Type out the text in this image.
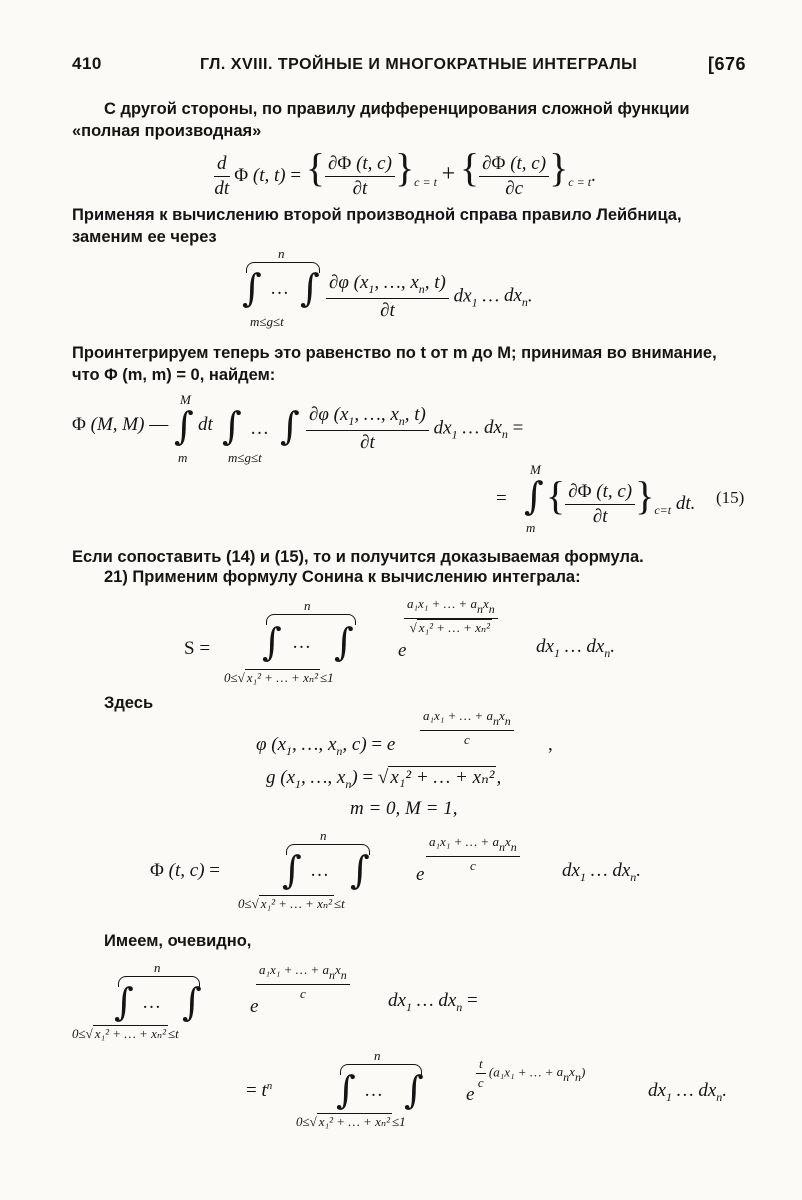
410	ГЛ. XVIII. ТРОЙНЫЕ И МНОГОКРАТНЫЕ ИНТЕГРАЛЫ	[676
С другой стороны, по правилу дифференцирования сложной функции
«полная производная»
$\frac{d}{dt}$ Φ (t, t) = { $\frac{\partial\Phi (t, c)}{\partial t} \}_{c = t}$ + { $\frac{\partial\Phi (t, c)}{\partial c} \}_{c = t}$.
Применяя к вычислению второй производной справа правило Лейбница,
заменим ее через
n
∫ … ∫
$m\le g\le t \frac{\partial\varphi (x_1, \dots, x_n, t)}{\partial t} dx_1$ … $dx_n$.
Проинтегрируем теперь это равенство по t от m до M; принимая во внимание,
что Φ (m, m) = 0, найдем:
Φ (M, M) —
M
∫
m
dt ∫ … ∫
m≤g≤t
$\frac{\partial\varphi (x_1, \dots, x_n, t)}{\partial t} dx_1$ … $dx_n$ =
=
M
∫
m
{ $\frac{\partial\Phi (t, c)}{\partial t} \}_{c=t}$ dt. (15)
Если сопоставить (14) и (15), то и получится доказываемая формула.
21) Применим формулу Сонина к вычислению интеграла:
S =
n
∫ … ∫
0≤√ x₁² + … + xₙ² ≤1
e
$\frac{\text{a₁x₁ + … + anxn}}{\text{√ x₁² + … + xₙ²}}$
$dx_1$ … $dx_n$.
Здесь
φ ($x_1$, …, $x_n$, c) = e $\frac{\text{a₁x₁ + … + anxn}}{c}$ ,
g ($x_1$, …, $x_n$) = √ x₁² + … + xₙ² ,
m = 0, M = 1,
Φ (t, c) =
n
∫ … ∫
0≤√ x₁² + … + xₙ² ≤t
e
$\frac{\text{a₁x₁ + … + anxn}}{c} dx_1$ … $dx_n$.
Имеем, очевидно,
n
∫ … ∫
0≤√ x₁² + … + xₙ² ≤t
e
$\frac{\text{a₁x₁ + … + anxn}}{c} dx_1$ … $dx_n$ =
= $t^n$
n
∫ … ∫
0≤√ x₁² + … + xₙ² ≤1
e
$\frac{t}{c} (a_1x_1$ + … + anxn)
$dx_1$ … $dx_n$.
